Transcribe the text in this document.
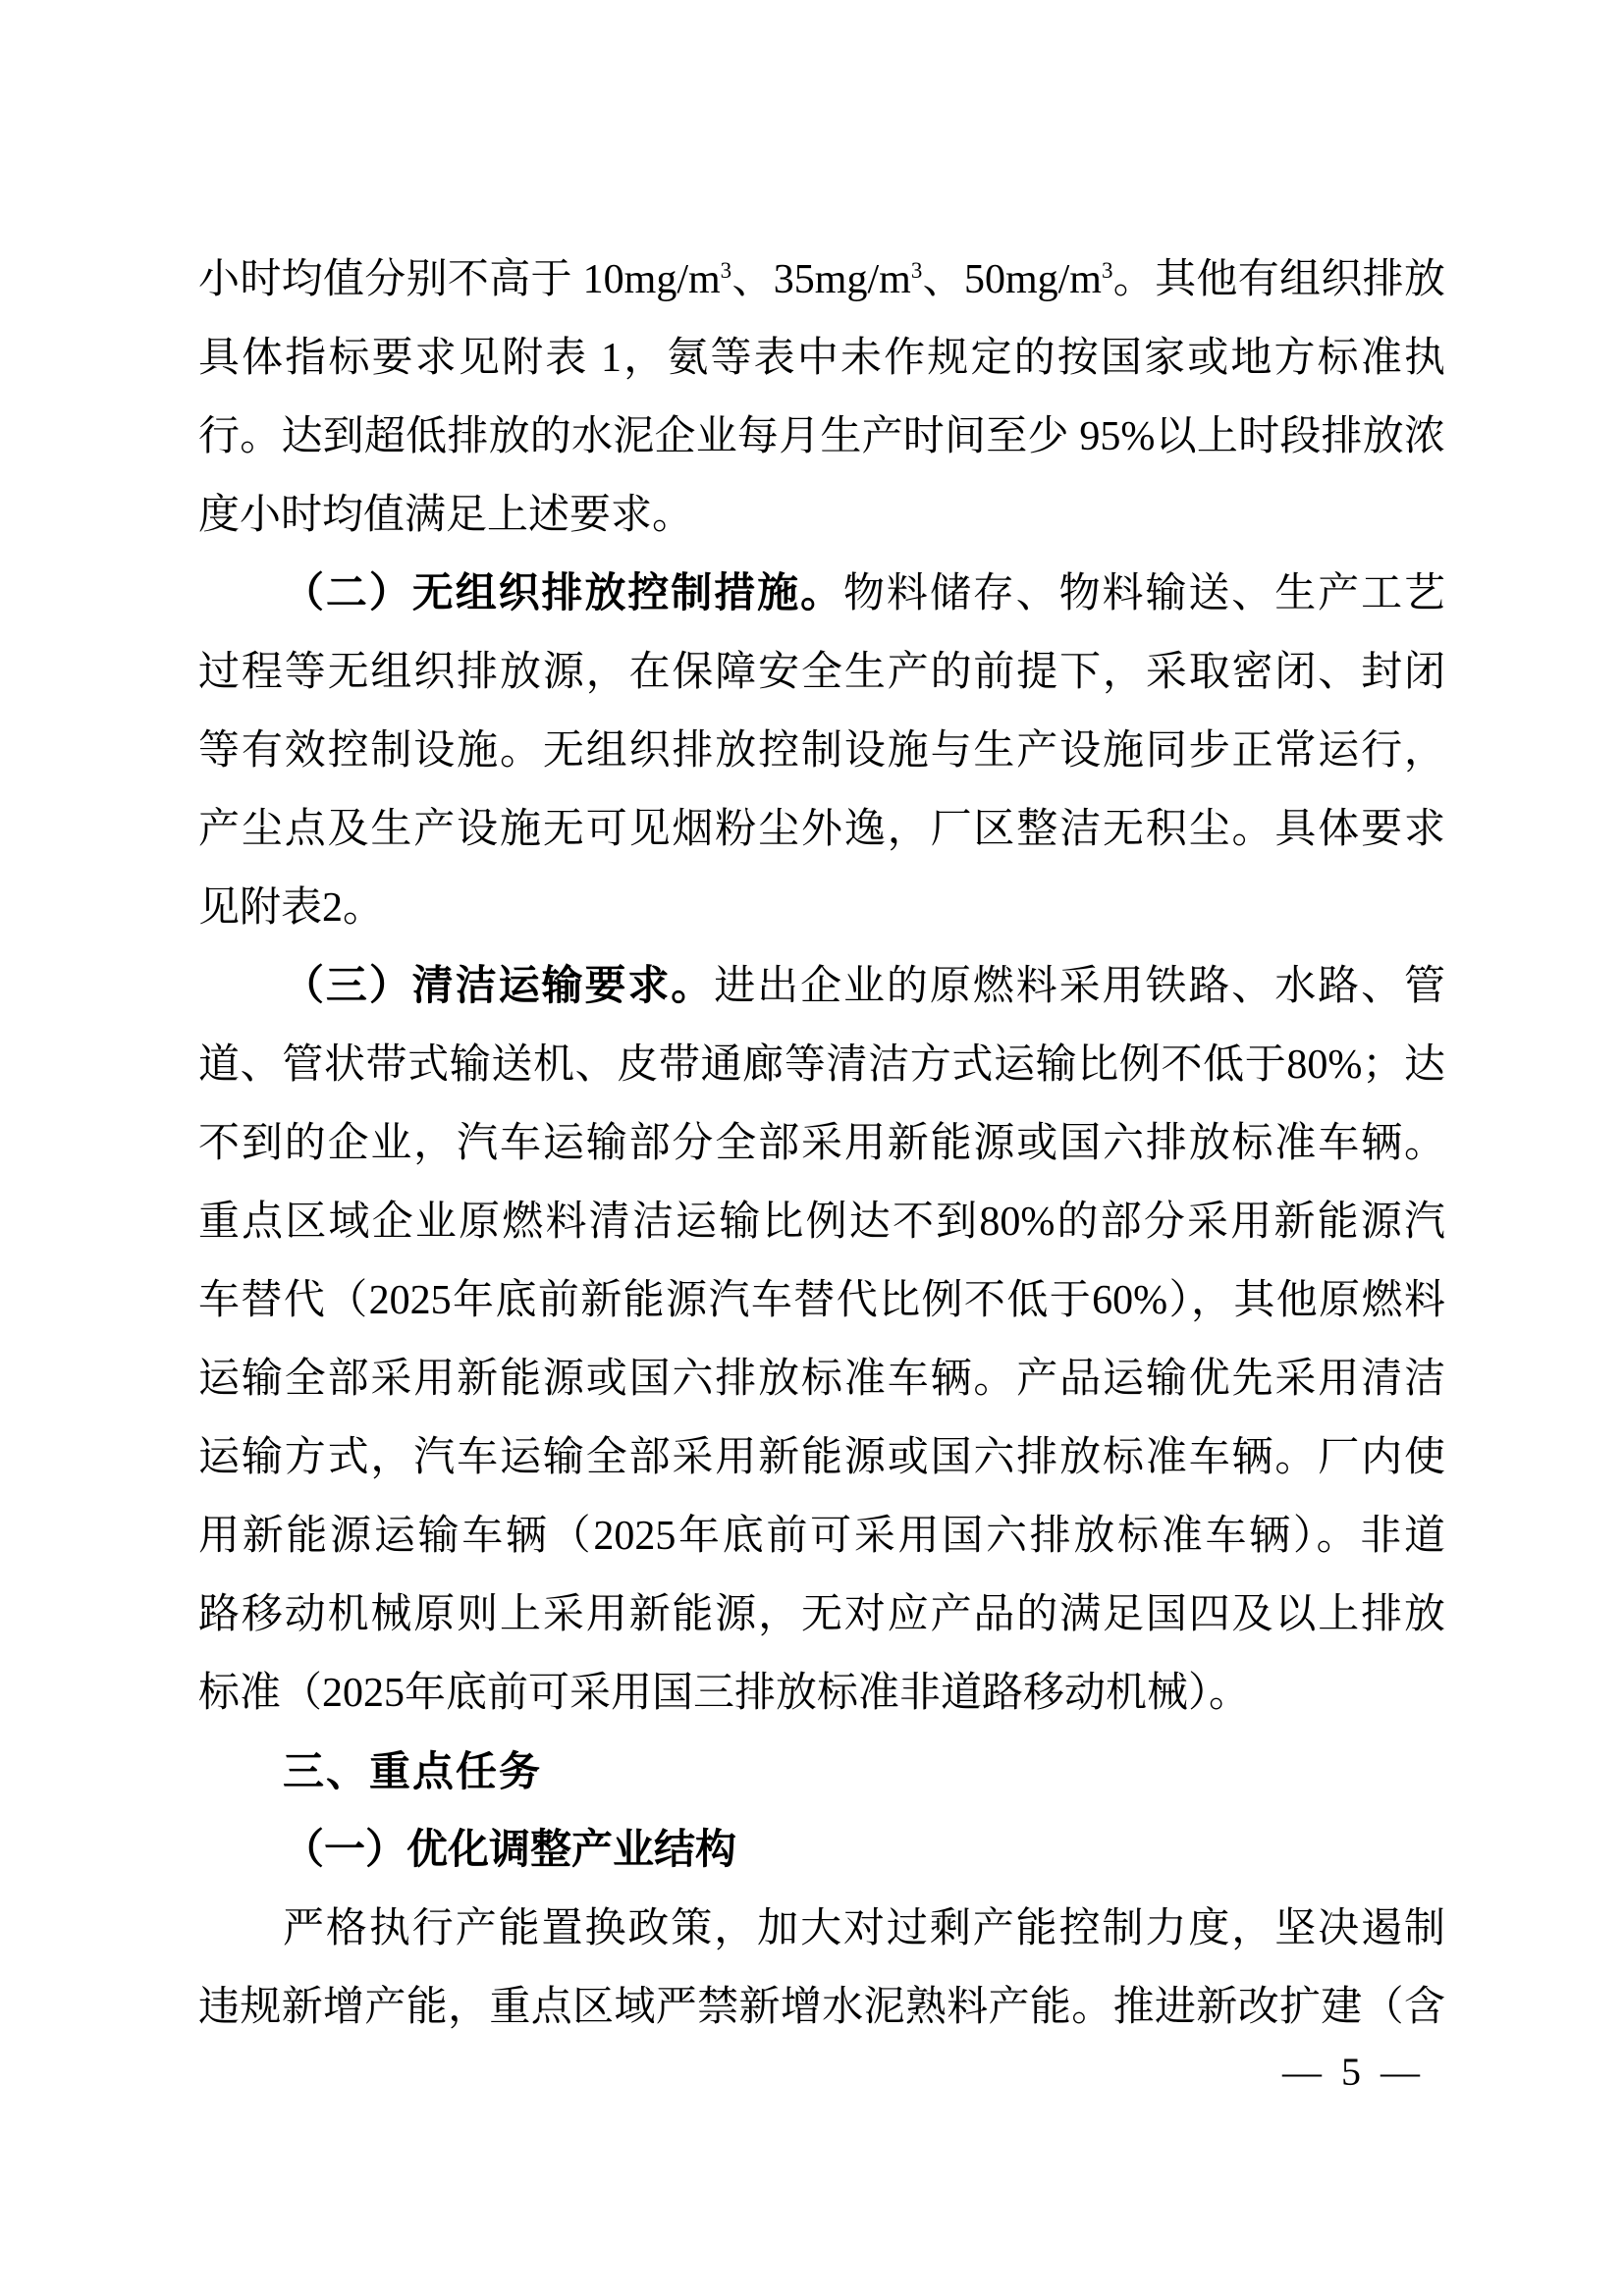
小时均值分别不高于 $10mg/m^3$、$35mg/m^3$、$50mg/m^3$。其他有组织排放
具体指标要求见附表 1，氨等表中未作规定的按国家或地方标准执
行。达到超低排放的水泥企业每月生产时间至少 95%以上时段排放浓
度小时均值满足上述要求。
（二）无组织排放控制措施。物料储存、物料输送、生产工艺
过程等无组织排放源，在保障安全生产的前提下，采取密闭、封闭
等有效控制设施。无组织排放控制设施与生产设施同步正常运行，
产尘点及生产设施无可见烟粉尘外逸，厂区整洁无积尘。具体要求
见附表2。
（三）清洁运输要求。进出企业的原燃料采用铁路、水路、管
道、管状带式输送机、皮带通廊等清洁方式运输比例不低于80%；达
不到的企业，汽车运输部分全部采用新能源或国六排放标准车辆。
重点区域企业原燃料清洁运输比例达不到80%的部分采用新能源汽
车替代（2025年底前新能源汽车替代比例不低于60%），其他原燃料
运输全部采用新能源或国六排放标准车辆。产品运输优先采用清洁
运输方式，汽车运输全部采用新能源或国六排放标准车辆。厂内使
用新能源运输车辆（2025年底前可采用国六排放标准车辆）。非道
路移动机械原则上采用新能源，无对应产品的满足国四及以上排放
标准（2025年底前可采用国三排放标准非道路移动机械）。
三、重点任务
（一）优化调整产业结构
严格执行产能置换政策，加大对过剩产能控制力度，坚决遏制
违规新增产能，重点区域严禁新增水泥熟料产能。推进新改扩建（含
— 5 —
